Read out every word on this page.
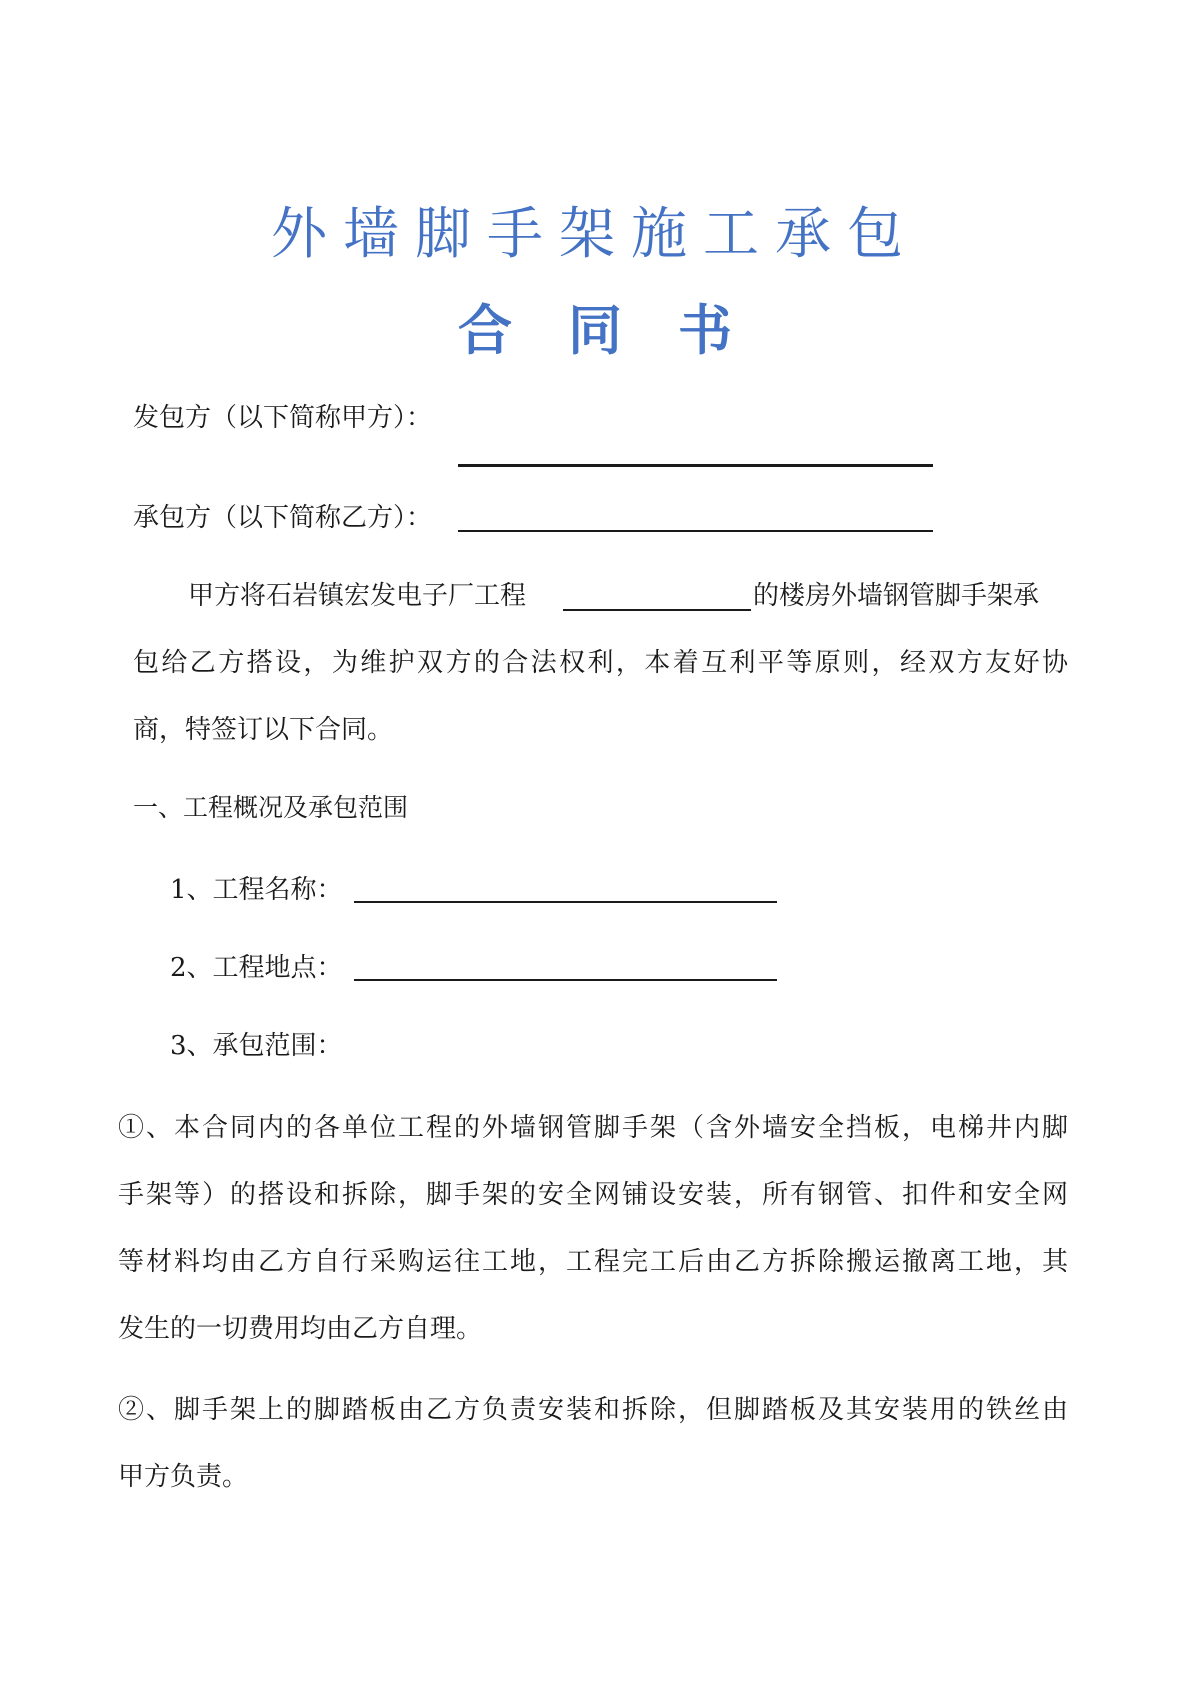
外墙脚手架施工承包
合同书
发包方（以下简称甲方）：
承包方（以下简称乙方）：
甲方将石岩镇宏发电子厂工程	的楼房外墙钢管脚手架承
包给乙方搭设，为维护双方的合法权利，本着互利平等原则，经双方友好协
商，特签订以下合同。
一、工程概况及承包范围
1、工程名称：
2、工程地点：
3、承包范围：
①、本合同内的各单位工程的外墙钢管脚手架（含外墙安全挡板，电梯井内脚
手架等）的搭设和拆除，脚手架的安全网铺设安装，所有钢管、扣件和安全网
等材料均由乙方自行采购运往工地，工程完工后由乙方拆除搬运撤离工地，其
发生的一切费用均由乙方自理。
②、脚手架上的脚踏板由乙方负责安装和拆除，但脚踏板及其安装用的铁丝由
甲方负责。
